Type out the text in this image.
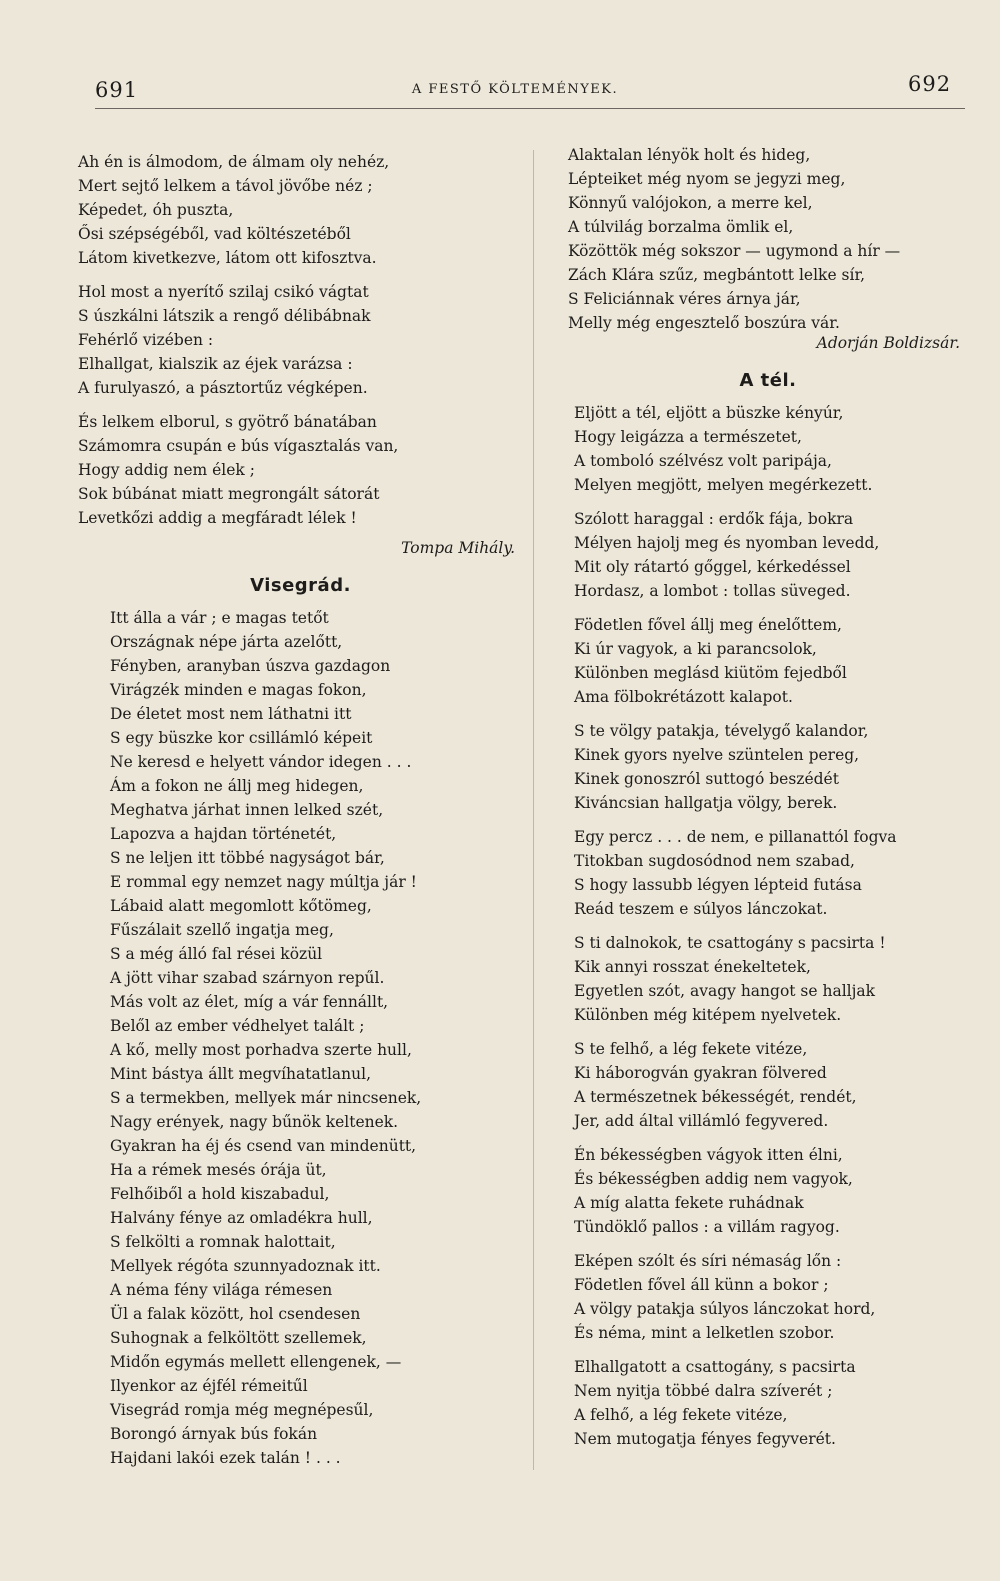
691	A FESTŐ KÖLTEMÉNYEK.	692
Ah én is álmodom, de álmam oly nehéz,
Mert sejtő lelkem a távol jövőbe néz ;
Képedet, óh puszta,
Ősi szépségéből, vad költészetéből
Látom kivetkezve, látom ott kifosztva.
Hol most a nyerítő szilaj csikó vágtat
S úszkálni látszik a rengő délibábnak
Fehérlő vizében :
Elhallgat, kialszik az éjek varázsa :
A furulyaszó, a pásztortűz végképen.
És lelkem elborul, s gyötrő bánatában
Számomra csupán e bús vígasztalás van,
Hogy addig nem élek ;
Sok búbánat miatt megrongált sátorát
Levetkőzi addig a megfáradt lélek !
Tompa Mihály.
Visegrád.
Itt álla a vár ; e magas tetőt
Országnak népe járta azelőtt,
Fényben, aranyban úszva gazdagon
Virágzék minden e magas fokon,
De életet most nem láthatni itt
S egy büszke kor csillámló képeit
Ne keresd e helyett vándor idegen . . .
Ám a fokon ne állj meg hidegen,
Meghatva járhat innen lelked szét,
Lapozva a hajdan történetét,
S ne leljen itt többé nagyságot bár,
E rommal egy nemzet nagy múltja jár !
Lábaid alatt megomlott kőtömeg,
Fűszálait szellő ingatja meg,
S a még álló fal rései közül
A jött vihar szabad szárnyon repűl.
Más volt az élet, míg a vár fennállt,
Belől az ember védhelyet talált ;
A kő, melly most porhadva szerte hull,
Mint bástya állt megvíhatatlanul,
S a termekben, mellyek már nincsenek,
Nagy erények, nagy bűnök keltenek.
Gyakran ha éj és csend van mindenütt,
Ha a rémek mesés órája üt,
Felhőiből a hold kiszabadul,
Halvány fénye az omladékra hull,
S felkölti a romnak halottait,
Mellyek régóta szunnyadoznak itt.
A néma fény világa rémesen
Ül a falak között, hol csendesen
Suhognak a felköltött szellemek,
Midőn egymás mellett ellengenek, —
Ilyenkor az éjfél rémeitűl
Visegrád romja még megnépesűl,
Borongó árnyak bús fokán
Hajdani lakói ezek talán ! . . .
Alaktalan lényök holt és hideg,
Lépteiket még nyom se jegyzi meg,
Könnyű valójokon, a merre kel,
A túlvilág borzalma ömlik el,
Közöttök még sokszor — ugymond a hír —
Zách Klára szűz, megbántott lelke sír,
S Feliciánnak véres árnya jár,
Melly még engesztelő boszúra vár.
Adorján Boldizsár.
A tél.
Eljött a tél, eljött a büszke kényúr,
Hogy leigázza a természetet,
A tomboló szélvész volt paripája,
Melyen megjött, melyen megérkezett.
Szólott haraggal : erdők fája, bokra
Mélyen hajolj meg és nyomban levedd,
Mit oly rátartó gőggel, kérkedéssel
Hordasz, a lombot : tollas süveged.
Födetlen fővel állj meg énelőttem,
Ki úr vagyok, a ki parancsolok,
Különben meglásd kiütöm fejedből
Ama fölbokrétázott kalapot.
S te völgy patakja, tévelygő kalandor,
Kinek gyors nyelve szüntelen pereg,
Kinek gonoszról suttogó beszédét
Kiváncsian hallgatja völgy, berek.
Egy percz . . . de nem, e pillanattól fogva
Titokban sugdosódnod nem szabad,
S hogy lassubb légyen lépteid futása
Reád teszem e súlyos lánczokat.
S ti dalnokok, te csattogány s pacsirta !
Kik annyi rosszat énekeltetek,
Egyetlen szót, avagy hangot se halljak
Különben még kitépem nyelvetek.
S te felhő, a lég fekete vitéze,
Ki háborogván gyakran fölvered
A természetnek békességét, rendét,
Jer, add által villámló fegyvered.
Én békességben vágyok itten élni,
És békességben addig nem vagyok,
A míg alatta fekete ruhádnak
Tündöklő pallos : a villám ragyog.
Eképen szólt és síri némaság lőn :
Födetlen fővel áll künn a bokor ;
A völgy patakja súlyos lánczokat hord,
És néma, mint a lelketlen szobor.
Elhallgatott a csattogány, s pacsirta
Nem nyitja többé dalra szíverét ;
A felhő, a lég fekete vitéze,
Nem mutogatja fényes fegyverét.
